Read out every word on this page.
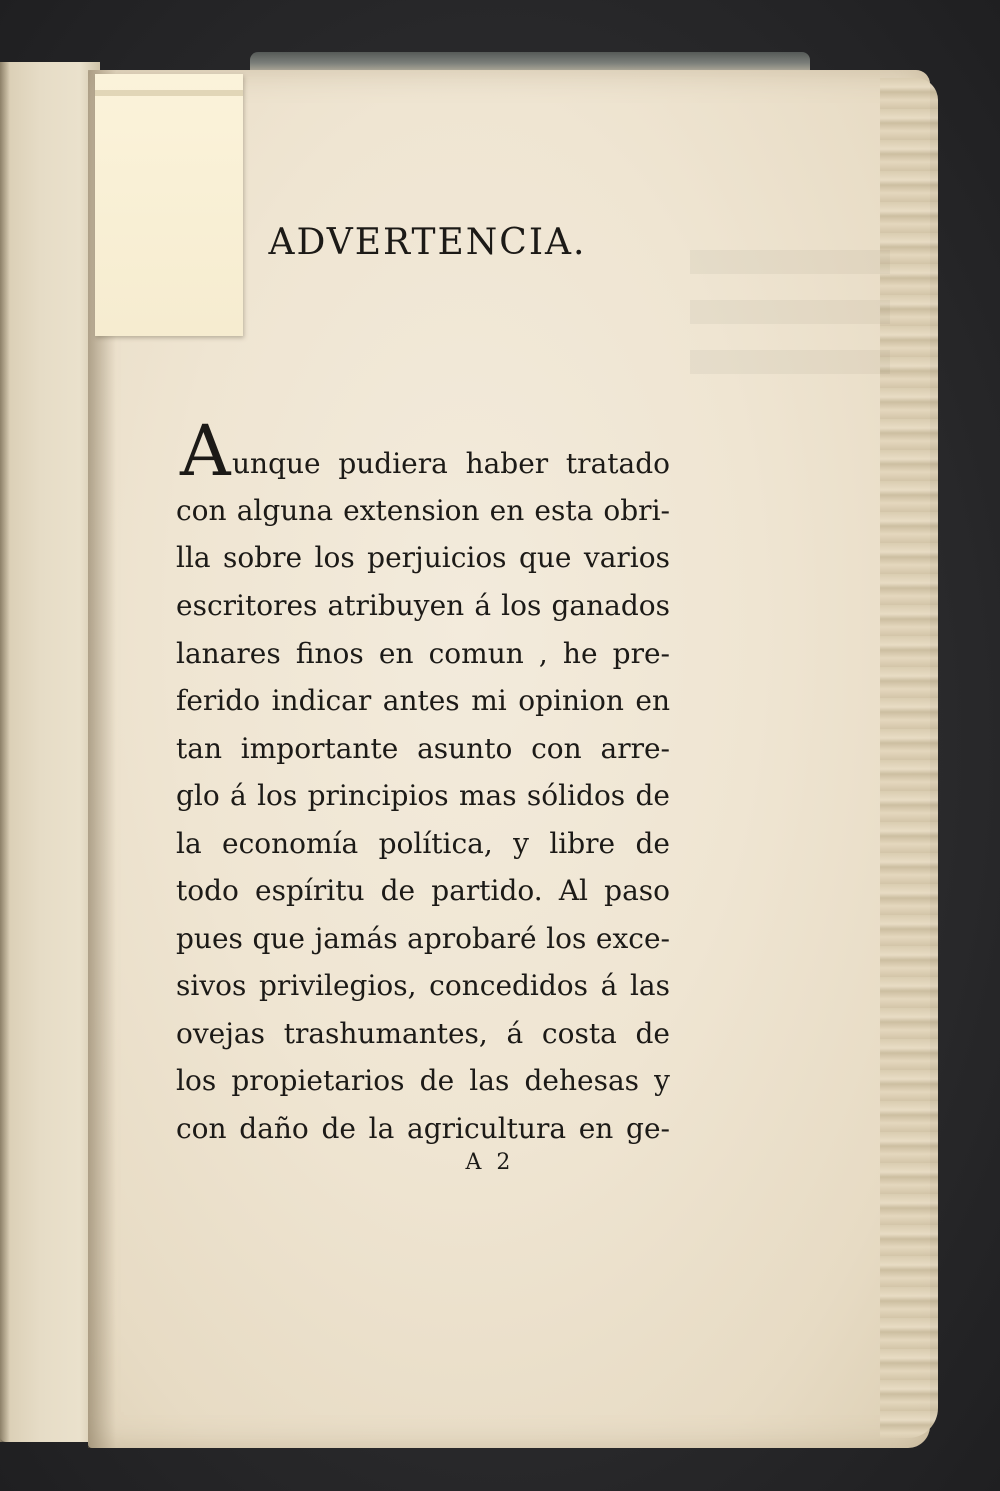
ADVERTENCIA.
A unque pudiera haber tratado
con alguna extension en esta obri-
lla sobre los perjuicios que varios
escritores atribuyen á los ganados
lanares finos en comun , he pre-
ferido indicar antes mi opinion en
tan importante asunto con arre-
glo á los principios mas sólidos de
la economía política, y libre de
todo espíritu de partido. Al paso
pues que jamás aprobaré los exce-
sivos privilegios, concedidos á las
ovejas trashumantes, á costa de
los propietarios de las dehesas y
con daño de la agricultura en ge-
A 2
